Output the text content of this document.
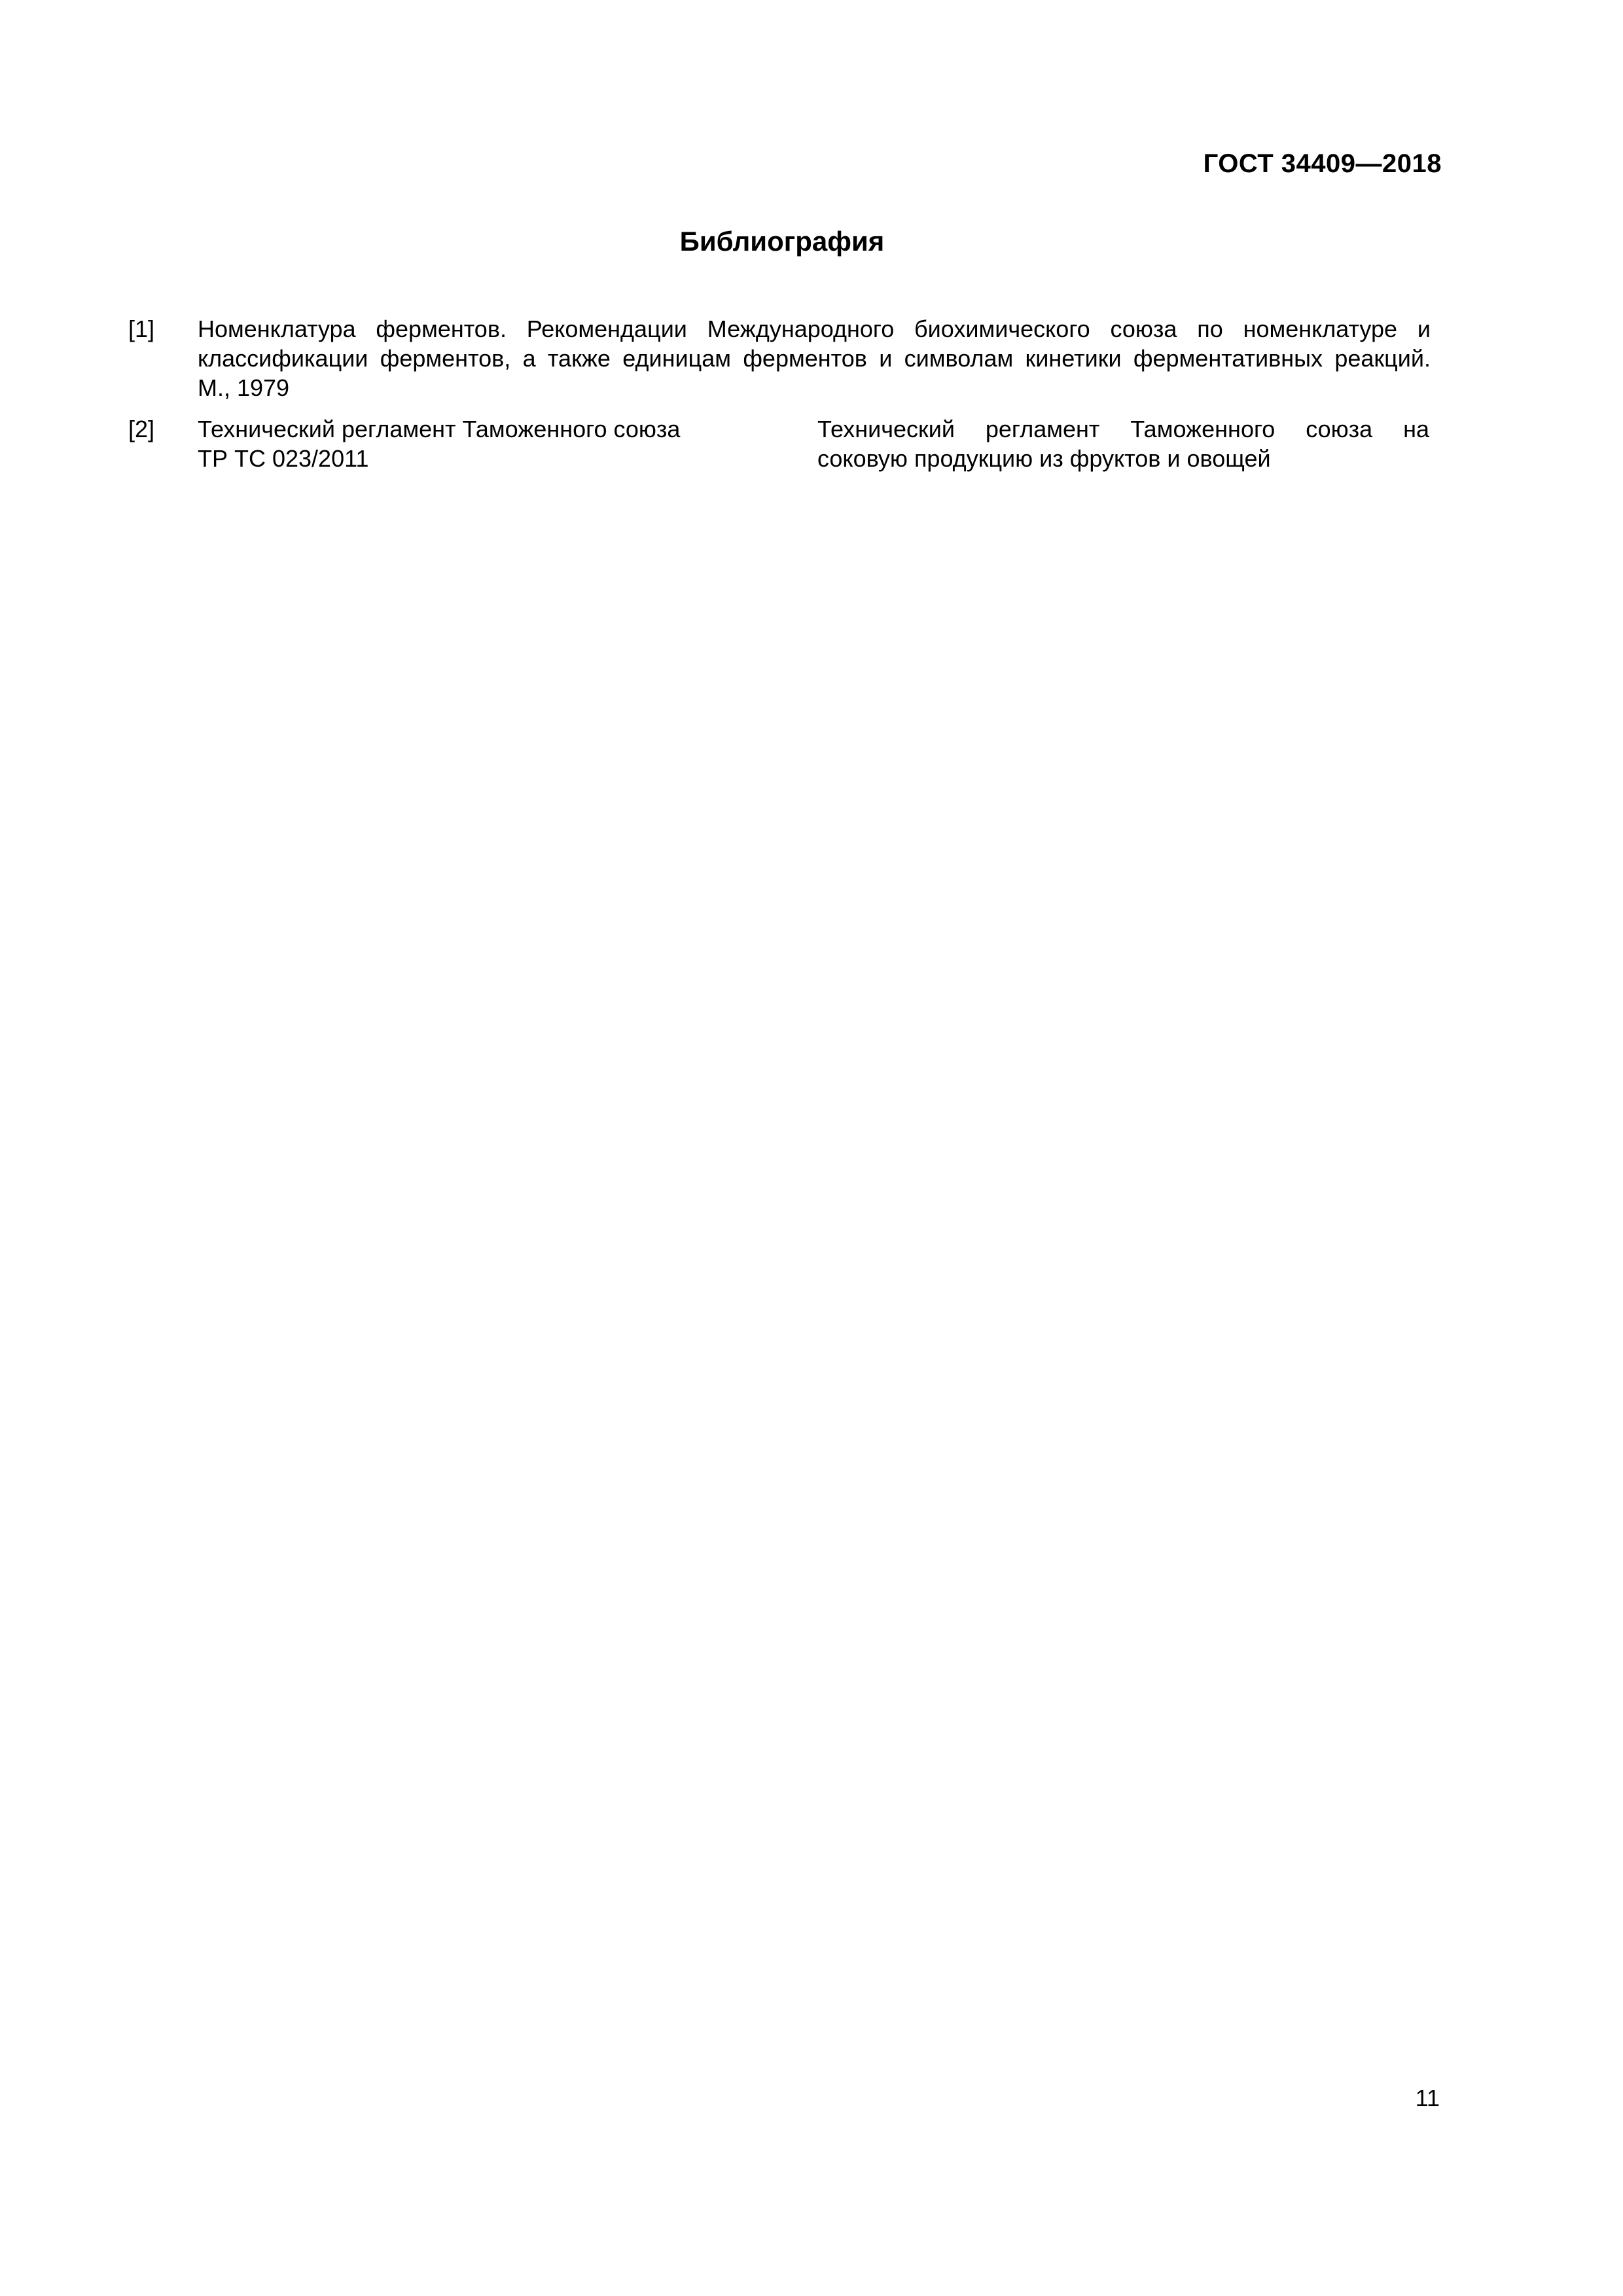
ГОСТ 34409—2018
Библиография
[1]	Номенклатура ферментов. Рекомендации Международного биохимического союза по номенклатуре и
классификации ферментов, а также единицам ферментов и символам кинетики ферментативных реакций.
М., 1979
[2]	Технический регламент Таможенного союза
ТР ТС 023/2011
Технический регламент Таможенного союза на
соковую продукцию из фруктов и овощей
11
